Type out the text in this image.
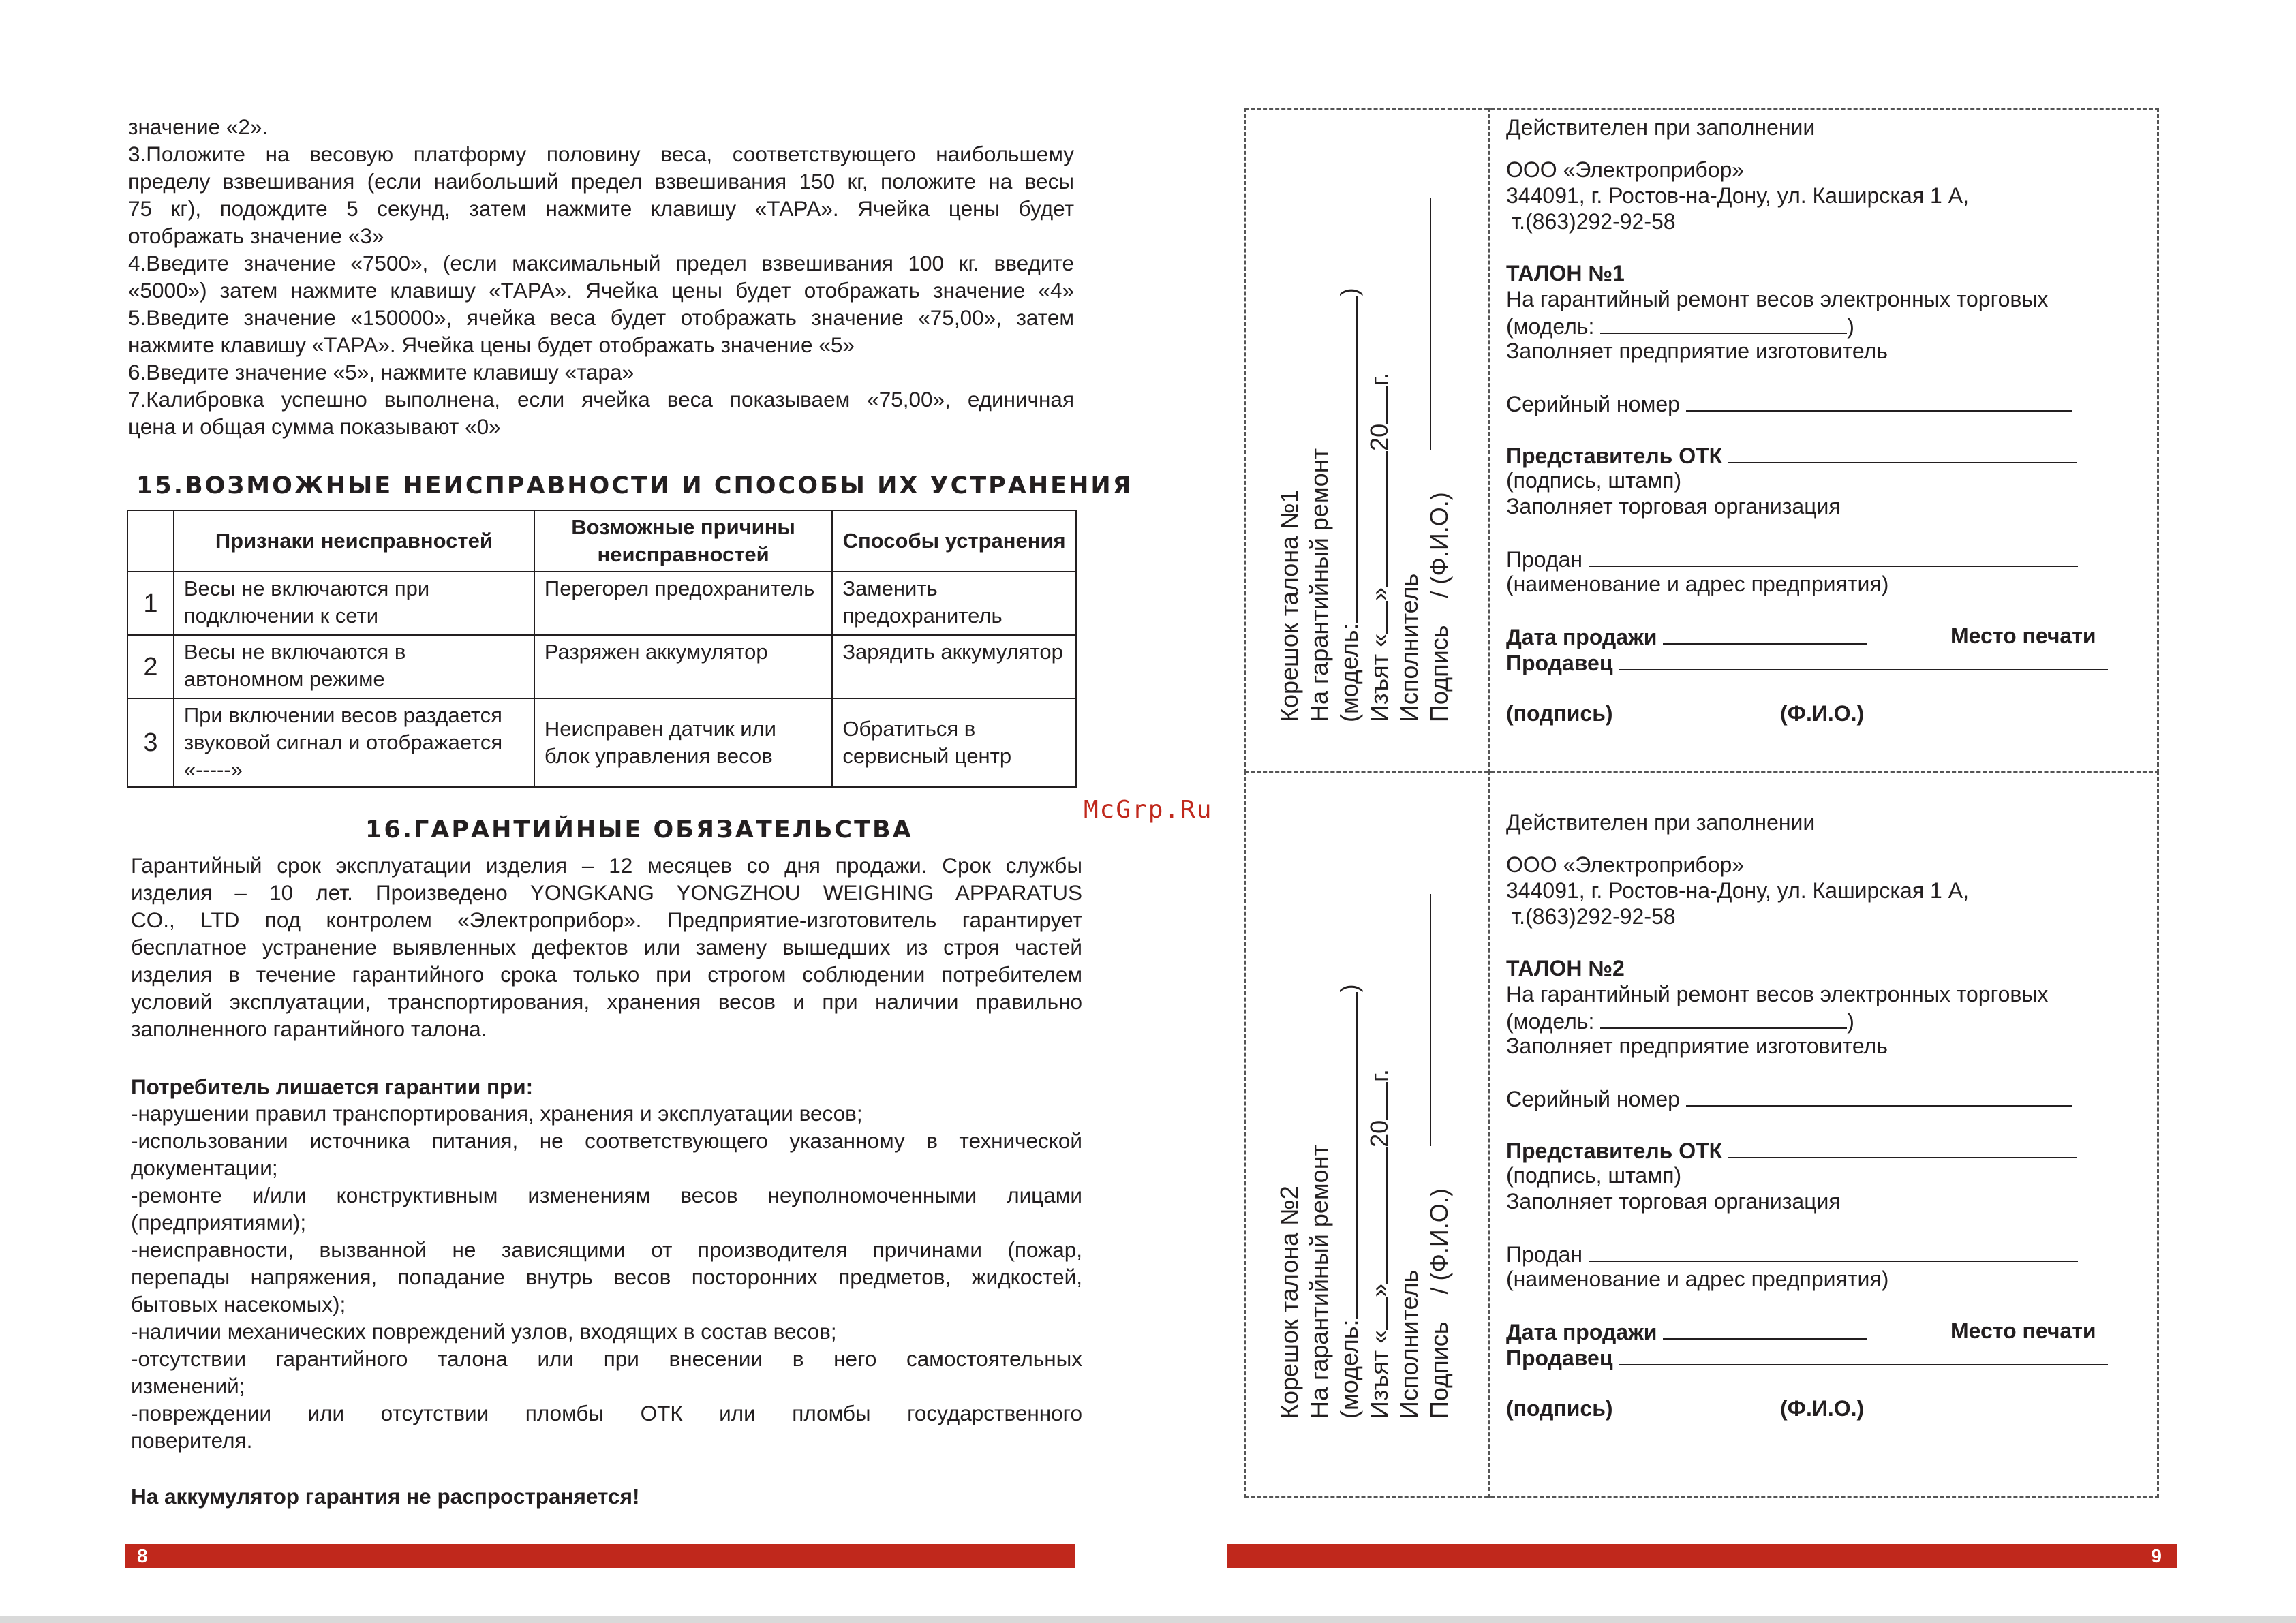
значение «2».
3.Положите на весовую платформу половину веса, соответствующего наибольшему
пределу взвешивания (если наибольший предел взвешивания 150 кг, положите на весы
75 кг), подождите 5 секунд, затем нажмите клавишу «ТАРА». Ячейка цены будет
отображать значение «3»
4.Введите значение «7500», (если максимальный предел взвешивания 100 кг. введите
«5000») затем нажмите клавишу «ТАРА». Ячейка цены будет отображать значение «4»
5.Введите значение «150000», ячейка веса будет отображать значение «75,00», затем
нажмите клавишу «ТАРА». Ячейка цены будет отображать значение «5»
6.Введите значение «5», нажмите клавишу «тара»
7.Калибровка успешно выполнена, если ячейка веса показываем «75,00», единичная
цена и общая сумма показывают «0»
15.ВОЗМОЖНЫЕ НЕИСПРАВНОСТИ И СПОСОБЫ ИХ УСТРАНЕНИЯ
	Признаки неисправностей	Возможные причины неисправностей	Способы устранения
1	Весы не включаются при подключении к сети	Перегорел предохранитель	Заменить предохранитель
2	Весы не включаются в автономном режиме	Разряжен аккумулятор	Зарядить аккумулятор
3	При включении весов раздается звуковой сигнал и отображается «-----»	Неисправен датчик или блок управления весов	Обратиться в сервисный центр
16.ГАРАНТИЙНЫЕ ОБЯЗАТЕЛЬСТВА
Гарантийный срок эксплуатации изделия – 12 месяцев со дня продажи. Срок службы
изделия – 10 лет. Произведено YONGKANG YONGZHOU WEIGHING APPARATUS
CO., LTD под контролем «Электроприбор». Предприятие-изготовитель гарантирует
бесплатное устранение выявленных дефектов или замену вышедших из строя частей
изделия в течение гарантийного срока только при строгом соблюдении потребителем
условий эксплуатации, транспортирования, хранения весов и при наличии правильно
заполненного гарантийного талона.
Потребитель лишается гарантии при:
-нарушении правил транспортирования, хранения и эксплуатации весов;
-использовании источника питания, не соответствующего указанному в технической
документации;
-ремонте и/или конструктивным изменениям весов неуполномоченными лицами
(предприятиями);
-неисправности, вызванной не зависящими от производителя причинами (пожар,
перепады напряжения, попадание внутрь весов посторонних предметов, жидкостей,
бытовых насекомых);
-наличии механических повреждений узлов, входящих в состав весов;
-отсутствии гарантийного талона или при внесении в него самостоятельных
изменений;
-повреждении или отсутствии пломбы ОТК или пломбы государственного
поверителя.
На аккумулятор гарантия не распространяется!
8
McGrp.Ru
Корешок талона №1 На гарантийный ремонт (модель:)
Изъят «»20г.
Исполнитель Подпись/ (Ф.И.О.)
Действителен при заполнении
ООО «Электроприбор»
344091, г. Ростов-на-Дону, ул. Каширская 1 А,
т.(863)292-92-58
ТАЛОН №1
На гарантийный ремонт весов электронных торговых
(модель:	)
Заполняет предприятие изготовитель
Серийный номер
Представитель ОТК
(подпись, штамп)
Заполняет торговая организация
Продан
(наименование и адрес предприятия)
Дата продажи	Место печати
Продавец
(подпись)	(Ф.И.О.)
Корешок талона №2 На гарантийный ремонт (модель:)
Изъят «»20г.
Исполнитель Подпись/ (Ф.И.О.)
Действителен при заполнении
ООО «Электроприбор»
344091, г. Ростов-на-Дону, ул. Каширская 1 А,
т.(863)292-92-58
ТАЛОН №2
На гарантийный ремонт весов электронных торговых
(модель:	)
Заполняет предприятие изготовитель
Серийный номер
Представитель ОТК
(подпись, штамп)
Заполняет торговая организация
Продан
(наименование и адрес предприятия)
Дата продажи	Место печати
Продавец
(подпись)	(Ф.И.О.)
9
